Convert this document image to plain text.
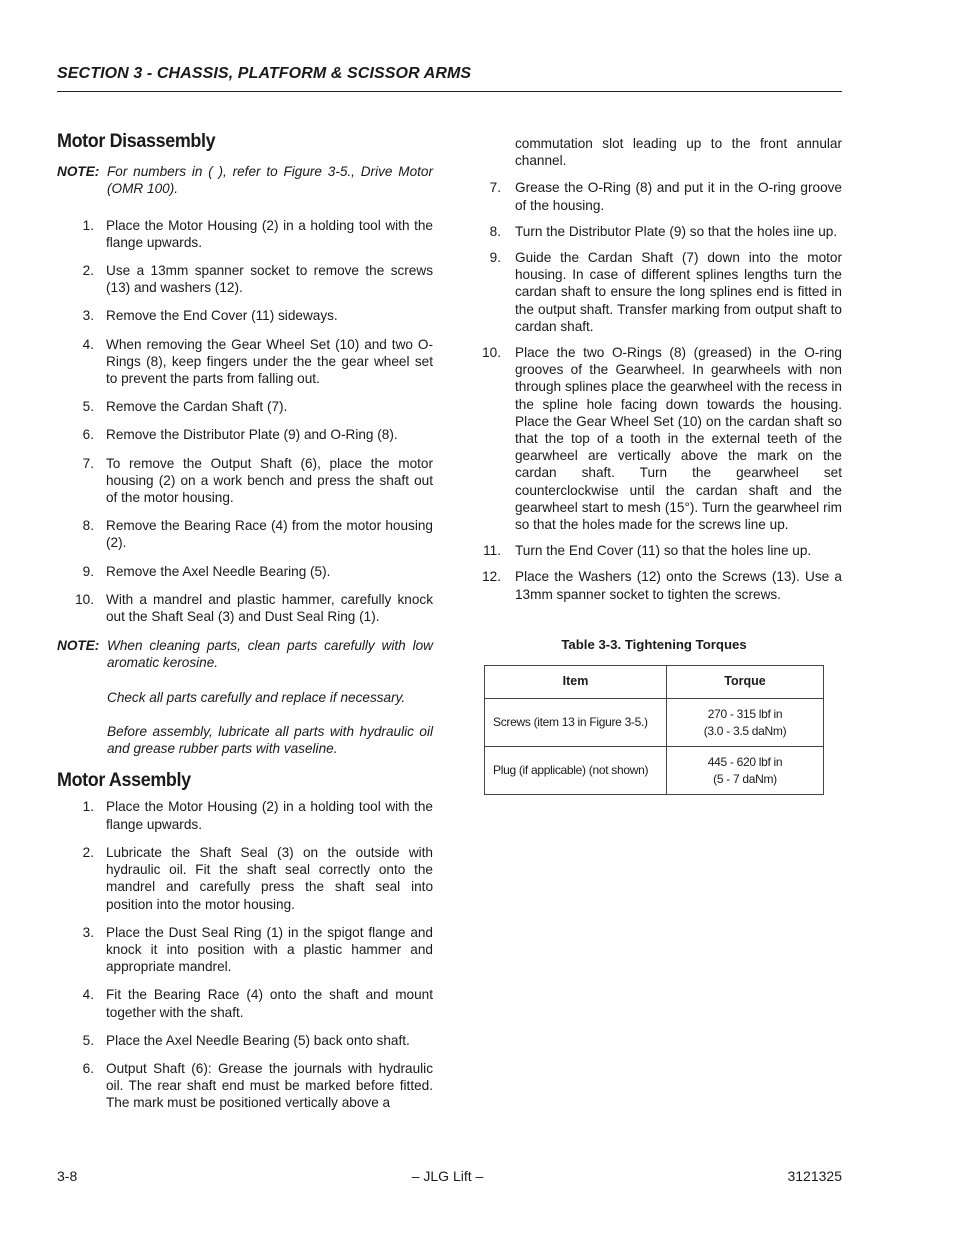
SECTION 3 - CHASSIS, PLATFORM & SCISSOR ARMS
Motor Disassembly
NOTE: For numbers in ( ), refer to Figure 3-5., Drive Motor (OMR 100).
1. Place the Motor Housing (2) in a holding tool with the flange upwards.
2. Use a 13mm spanner socket to remove the screws (13) and washers (12).
3. Remove the End Cover (11) sideways.
4. When removing the Gear Wheel Set (10) and two O-Rings (8), keep fingers under the the gear wheel set to prevent the parts from falling out.
5. Remove the Cardan Shaft (7).
6. Remove the Distributor Plate (9) and O-Ring (8).
7. To remove the Output Shaft (6), place the motor housing (2) on a work bench and press the shaft out of the motor housing.
8. Remove the Bearing Race (4) from the motor housing (2).
9. Remove the Axel Needle Bearing (5).
10. With a mandrel and plastic hammer, carefully knock out the Shaft Seal (3) and Dust Seal Ring (1).
NOTE: When cleaning parts, clean parts carefully with low aromatic kerosine.
Check all parts carefully and replace if necessary.
Before assembly, lubricate all parts with hydraulic oil and grease rubber parts with vaseline.
Motor Assembly
1. Place the Motor Housing (2) in a holding tool with the flange upwards.
2. Lubricate the Shaft Seal (3) on the outside with hydraulic oil. Fit the shaft seal correctly onto the mandrel and carefully press the shaft seal into position into the motor housing.
3. Place the Dust Seal Ring (1) in the spigot flange and knock it into position with a plastic hammer and appropriate mandrel.
4. Fit the Bearing Race (4) onto the shaft and mount together with the shaft.
5. Place the Axel Needle Bearing (5) back onto shaft.
6. Output Shaft (6): Grease the journals with hydraulic oil. The rear shaft end must be marked before fitted. The mark must be positioned vertically above a
commutation slot leading up to the front annular channel.
7. Grease the O-Ring (8) and put it in the O-ring groove of the housing.
8. Turn the Distributor Plate (9) so that the holes iine up.
9. Guide the Cardan Shaft (7) down into the motor housing. In case of different splines lengths turn the cardan shaft to ensure the long splines end is fitted in the output shaft. Transfer marking from output shaft to cardan shaft.
10. Place the two O-Rings (8) (greased) in the O-ring grooves of the Gearwheel. In gearwheels with non through splines place the gearwheel with the recess in the spline hole facing down towards the housing. Place the Gear Wheel Set (10) on the cardan shaft so that the top of a tooth in the external teeth of the gearwheel are vertically above the mark on the cardan shaft. Turn the gearwheel set counterclockwise until the cardan shaft and the gearwheel start to mesh (15°). Turn the gearwheel rim so that the holes made for the screws line up.
11. Turn the End Cover (11) so that the holes line up.
12. Place the Washers (12) onto the Screws (13). Use a 13mm spanner socket to tighten the screws.
Table 3-3. Tightening Torques
Item	Torque
Screws (item 13 in Figure 3-5.)	270 - 315 lbf in
(3.0 - 3.5 daNm)

Plug (if applicable) (not shown)	445 - 620 lbf in
(5 - 7 daNm)
3-8	– JLG Lift –	3121325
